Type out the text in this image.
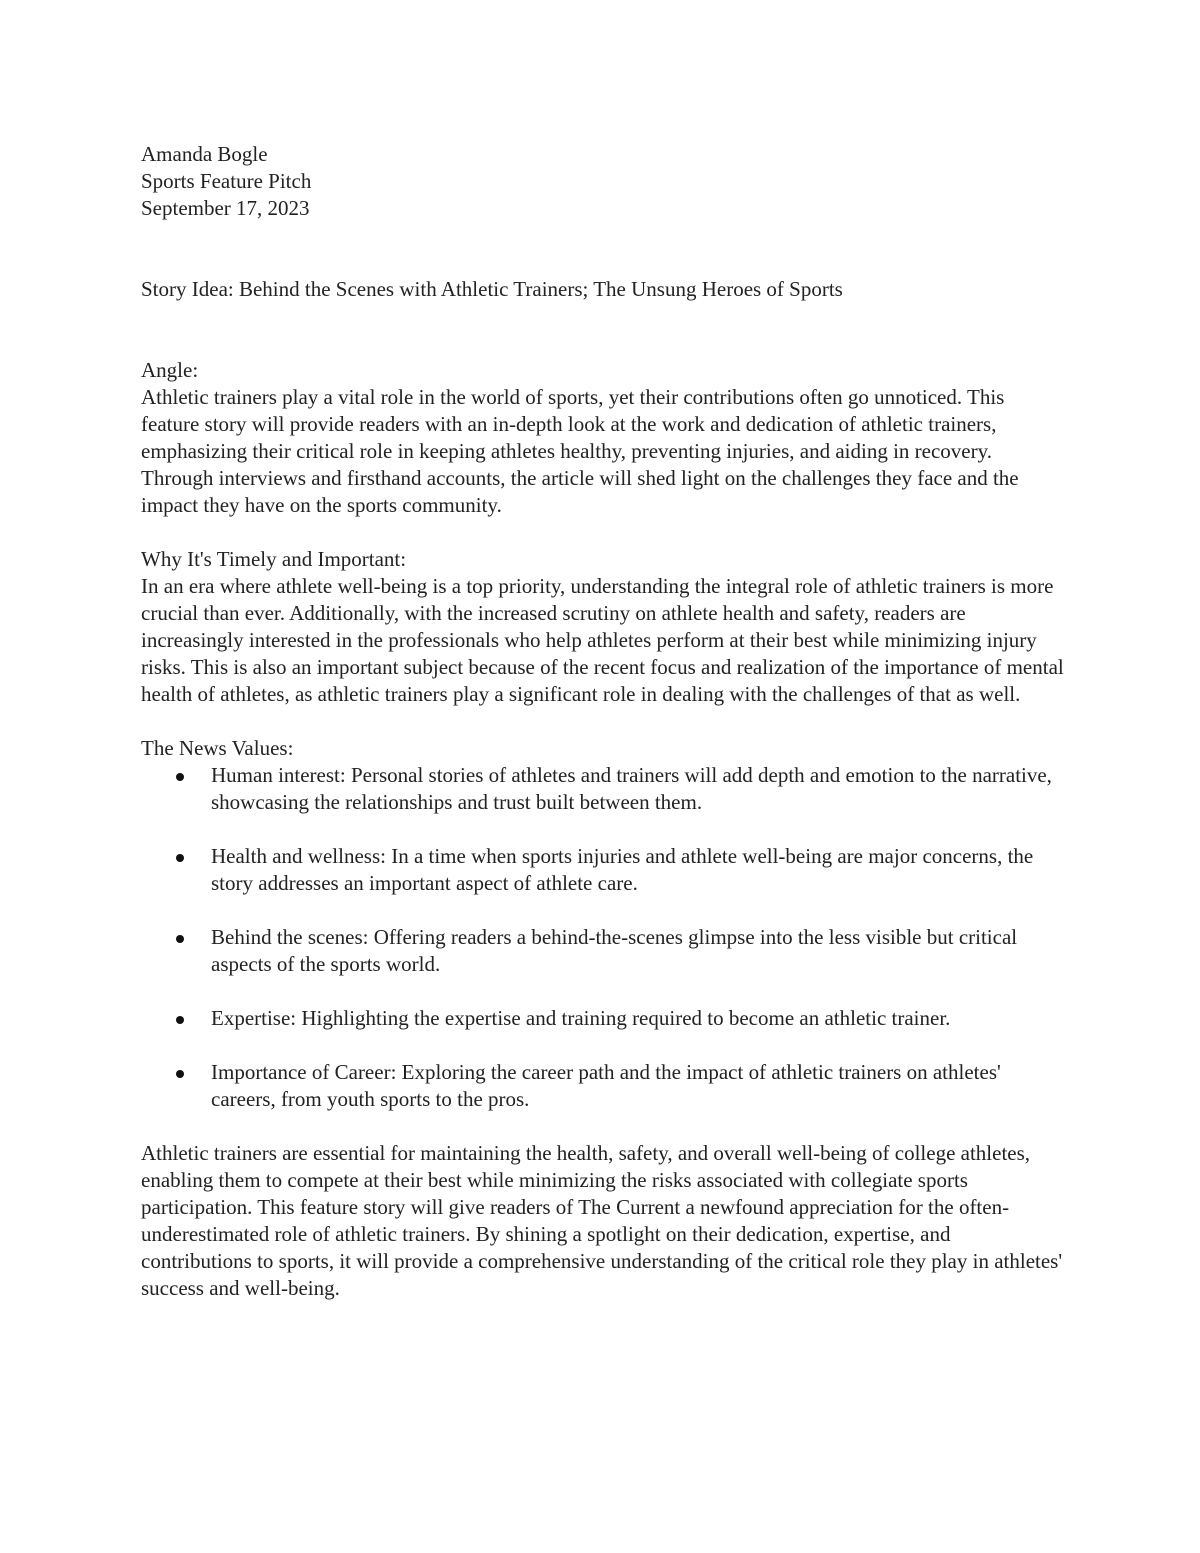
Amanda Bogle

Sports Feature Pitch

September 17, 2023

Story Idea: Behind the Scenes with Athletic Trainers; The Unsung Heroes of Sports

Angle:

Athletic trainers play a vital role in the world of sports, yet their contributions often go unnoticed. This feature story will provide readers with an in-depth look at the work and dedication of athletic trainers, emphasizing their critical role in keeping athletes healthy, preventing injuries, and aiding in recovery. Through interviews and firsthand accounts, the article will shed light on the challenges they face and the impact they have on the sports community.

Why It's Timely and Important:

In an era where athlete well-being is a top priority, understanding the integral role of athletic trainers is more crucial than ever. Additionally, with the increased scrutiny on athlete health and safety, readers are increasingly interested in the professionals who help athletes perform at their best while minimizing injury risks. This is also an important subject because of the recent focus and realization of the importance of mental health of athletes, as athletic trainers play a significant role in dealing with the challenges of that as well.

The News Values:

Human interest: Personal stories of athletes and trainers will add depth and emotion to the narrative, showcasing the relationships and trust built between them.
Health and wellness: In a time when sports injuries and athlete well-being are major concerns, the story addresses an important aspect of athlete care.
Behind the scenes: Offering readers a behind-the-scenes glimpse into the less visible but critical aspects of the sports world.
Expertise: Highlighting the expertise and training required to become an athletic trainer.
Importance of Career: Exploring the career path and the impact of athletic trainers on athletes' careers, from youth sports to the pros.

Athletic trainers are essential for maintaining the health, safety, and overall well-being of college athletes, enabling them to compete at their best while minimizing the risks associated with collegiate sports participation. This feature story will give readers of The Current a newfound appreciation for the often-underestimated role of athletic trainers. By shining a spotlight on their dedication, expertise, and contributions to sports, it will provide a comprehensive understanding of the critical role they play in athletes' success and well-being.
